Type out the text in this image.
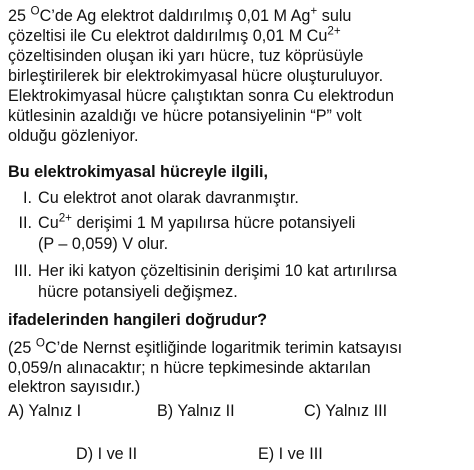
25 $^O$C’de Ag elektrot daldırılmış 0,01 M Ag+ sulu
çözeltisi ile Cu elektrot daldırılmış 0,01 M $Cu^{2+}$
çözeltisinden oluşan iki yarı hücre, tuz köprüsüyle
birleştirilerek bir elektrokimyasal hücre oluşturuluyor.
Elektrokimyasal hücre çalıştıktan sonra Cu elektrodun
kütlesinin azaldığı ve hücre potansiyelinin “P” volt
olduğu gözleniyor.
Bu elektrokimyasal hücreyle ilgili,
I. Cu elektrot anot olarak davranmıştır.
II. $Cu^{2+}$ derişimi 1 M yapılırsa hücre potansiyeli
(P – 0,059) V olur.
III. Her iki katyon çözeltisinin derişimi 10 kat artırılırsa
hücre potansiyeli değişmez.
ifadelerinden hangileri doğrudur?
(25 $^O$C’de Nernst eşitliğinde logaritmik terimin katsayısı
0,059/n alınacaktır; n hücre tepkimesinde aktarılan
elektron sayısıdır.)
A) Yalnız I	B) Yalnız II	C) Yalnız III
D) I ve II	E) I ve III
